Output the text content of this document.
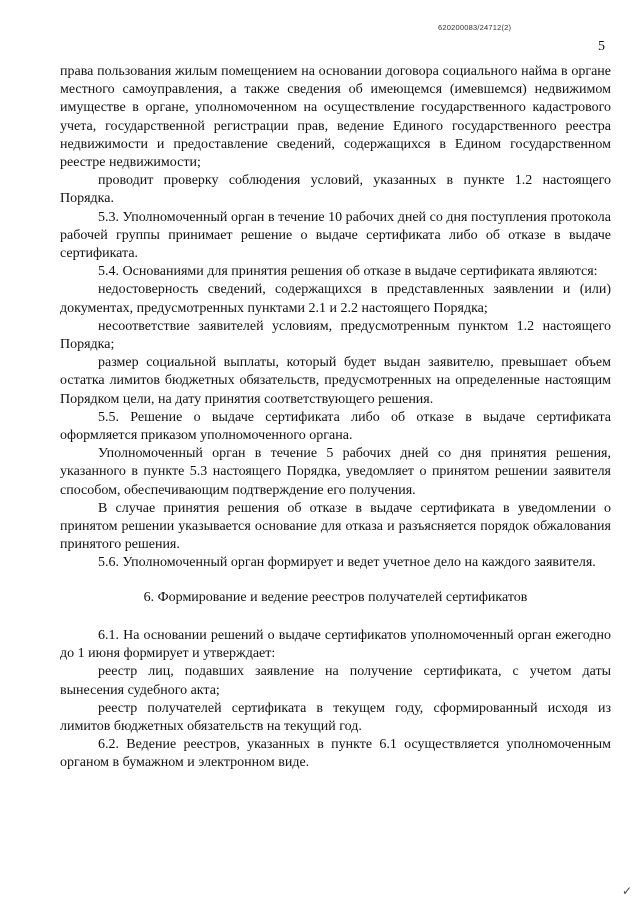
620200083/24712(2)
5

права пользования жилым помещением на основании договора социального найма в органе местного самоуправления, а также сведения об имеющемся (имевшемся) недвижимом имуществе в органе, уполномоченном на осуществление государственного кадастрового учета, государственной регистрации прав, ведение Единого государственного реестра недвижимости и предоставление сведений, содержащихся в Едином государственном реестре недвижимости;

проводит проверку соблюдения условий, указанных в пункте 1.2 настоящего Порядка.

5.3. Уполномоченный орган в течение 10 рабочих дней со дня поступления протокола рабочей группы принимает решение о выдаче сертификата либо об отказе в выдаче сертификата.

5.4. Основаниями для принятия решения об отказе в выдаче сертификата являются:

недостоверность сведений, содержащихся в представленных заявлении и (или) документах, предусмотренных пунктами 2.1 и 2.2 настоящего Порядка;

несоответствие заявителей условиям, предусмотренным пунктом 1.2 настоящего Порядка;

размер социальной выплаты, который будет выдан заявителю, превышает объем остатка лимитов бюджетных обязательств, предусмотренных на определенные настоящим Порядком цели, на дату принятия соответствующего решения.

5.5. Решение о выдаче сертификата либо об отказе в выдаче сертификата оформляется приказом уполномоченного органа.

Уполномоченный орган в течение 5 рабочих дней со дня принятия решения, указанного в пункте 5.3 настоящего Порядка, уведомляет о принятом решении заявителя способом, обеспечивающим подтверждение его получения.

В случае принятия решения об отказе в выдаче сертификата в уведомлении о принятом решении указывается основание для отказа и разъясняется порядок обжалования принятого решения.

5.6. Уполномоченный орган формирует и ведет учетное дело на каждого заявителя.

6. Формирование и ведение реестров получателей сертификатов

6.1. На основании решений о выдаче сертификатов уполномоченный орган ежегодно до 1 июня формирует и утверждает:

реестр лиц, подавших заявление на получение сертификата, с учетом даты вынесения судебного акта;

реестр получателей сертификата в текущем году, сформированный исходя из лимитов бюджетных обязательств на текущий год.

6.2. Ведение реестров, указанных в пункте 6.1 осуществляется уполномоченным органом в бумажном и электронном виде.

✓
